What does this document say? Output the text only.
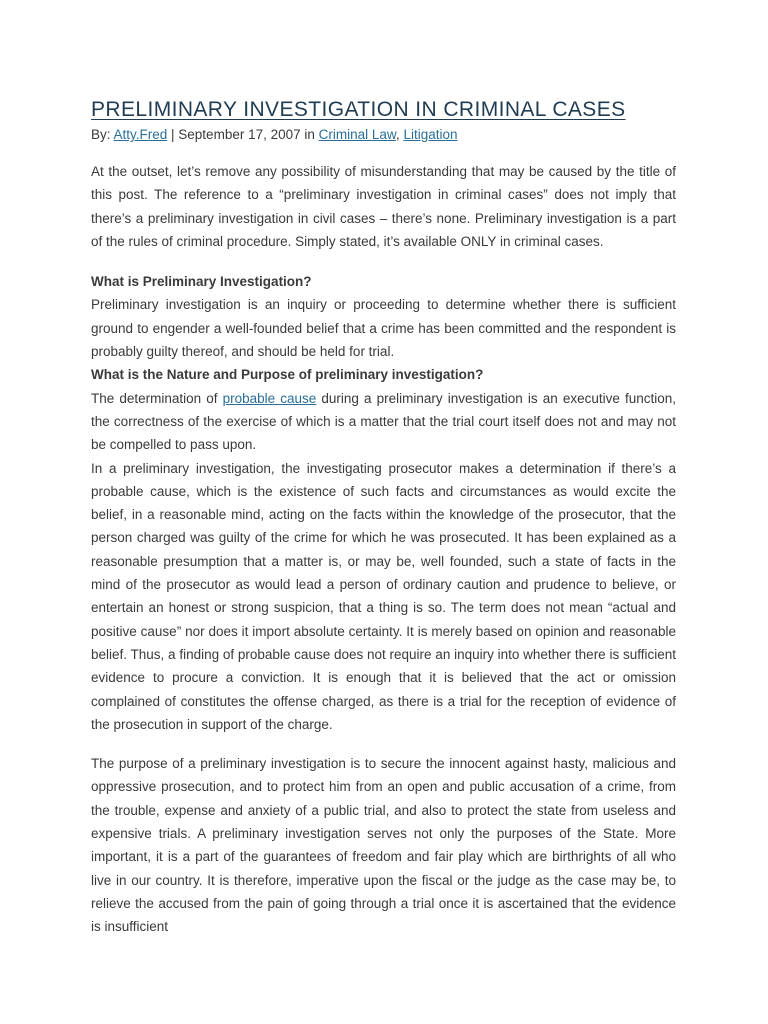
PRELIMINARY INVESTIGATION IN CRIMINAL CASES
By: Atty.Fred | September 17, 2007 in Criminal Law, Litigation

At the outset, let’s remove any possibility of misunderstanding that may be caused by the title of this post. The reference to a “preliminary investigation in criminal cases” does not imply that there’s a preliminary investigation in civil cases – there’s none. Preliminary investigation is a part of the rules of criminal procedure. Simply stated, it’s available ONLY in criminal cases.

What is Preliminary Investigation?

Preliminary investigation is an inquiry or proceeding to determine whether there is sufficient ground to engender a well-founded belief that a crime has been committed and the respondent is probably guilty thereof, and should be held for trial.

What is the Nature and Purpose of preliminary investigation?

The determination of probable cause during a preliminary investigation is an executive function, the correctness of the exercise of which is a matter that the trial court itself does not and may not be compelled to pass upon.

In a preliminary investigation, the investigating prosecutor makes a determination if there’s a probable cause, which is the existence of such facts and circumstances as would excite the belief, in a reasonable mind, acting on the facts within the knowledge of the prosecutor, that the person charged was guilty of the crime for which he was prosecuted. It has been explained as a reasonable presumption that a matter is, or may be, well founded, such a state of facts in the mind of the prosecutor as would lead a person of ordinary caution and prudence to believe, or entertain an honest or strong suspicion, that a thing is so. The term does not mean “actual and positive cause” nor does it import absolute certainty. It is merely based on opinion and reasonable belief. Thus, a finding of probable cause does not require an inquiry into whether there is sufficient evidence to procure a conviction. It is enough that it is believed that the act or omission complained of constitutes the offense charged, as there is a trial for the reception of evidence of the prosecution in support of the charge.

The purpose of a preliminary investigation is to secure the innocent against hasty, malicious and oppressive prosecution, and to protect him from an open and public accusation of a crime, from the trouble, expense and anxiety of a public trial, and also to protect the state from useless and expensive trials. A preliminary investigation serves not only the purposes of the State. More important, it is a part of the guarantees of freedom and fair play which are birthrights of all who live in our country. It is therefore, imperative upon the fiscal or the judge as the case may be, to relieve the accused from the pain of going through a trial once it is ascertained that the evidence is insufficient
